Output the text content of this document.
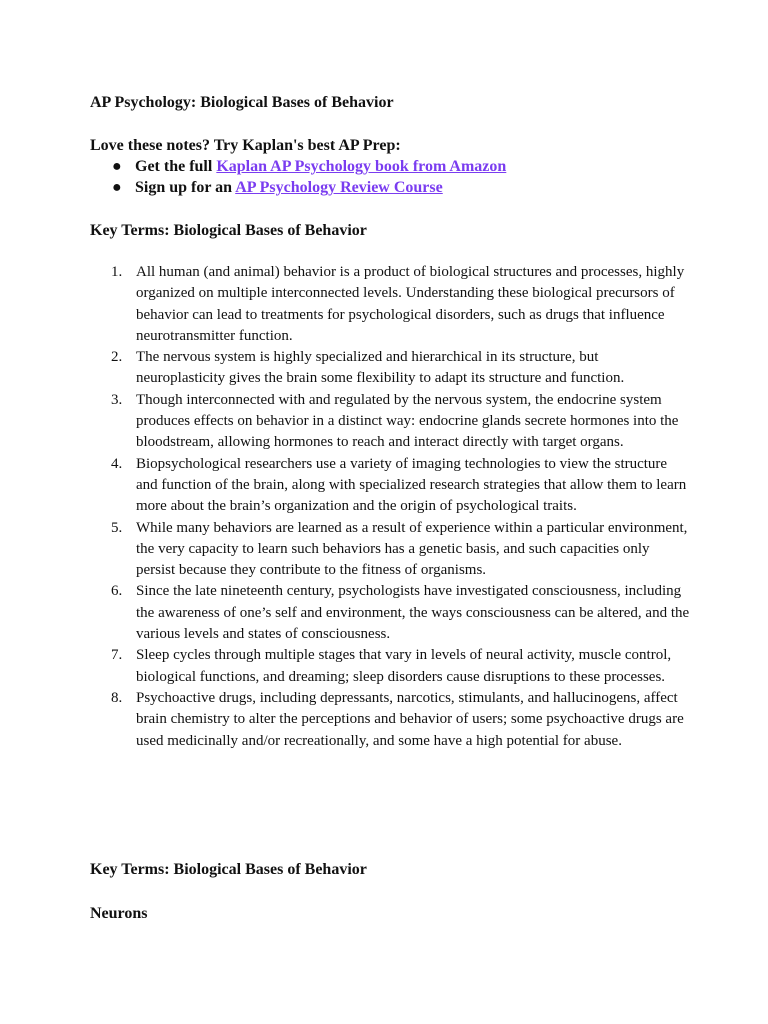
AP Psychology: Biological Bases of Behavior
Love these notes? Try Kaplan's best AP Prep:
● Get the full Kaplan AP Psychology book from Amazon
● Sign up for an AP Psychology Review Course
Key Terms: Biological Bases of Behavior
1. All human (and animal) behavior is a product of biological structures and processes, highly organized on multiple interconnected levels. Understanding these biological precursors of behavior can lead to treatments for psychological disorders, such as drugs that influence neurotransmitter function.
2. The nervous system is highly specialized and hierarchical in its structure, but neuroplasticity gives the brain some flexibility to adapt its structure and function.
3. Though interconnected with and regulated by the nervous system, the endocrine system produces effects on behavior in a distinct way: endocrine glands secrete hormones into the bloodstream, allowing hormones to reach and interact directly with target organs.
4. Biopsychological researchers use a variety of imaging technologies to view the structure and function of the brain, along with specialized research strategies that allow them to learn more about the brain’s organization and the origin of psychological traits.
5. While many behaviors are learned as a result of experience within a particular environment, the very capacity to learn such behaviors has a genetic basis, and such capacities only persist because they contribute to the fitness of organisms.
6. Since the late nineteenth century, psychologists have investigated consciousness, including the awareness of one’s self and environment, the ways consciousness can be altered, and the various levels and states of consciousness.
7. Sleep cycles through multiple stages that vary in levels of neural activity, muscle control, biological functions, and dreaming; sleep disorders cause disruptions to these processes.
8. Psychoactive drugs, including depressants, narcotics, stimulants, and hallucinogens, affect brain chemistry to alter the perceptions and behavior of users; some psychoactive drugs are used medicinally and/or recreationally, and some have a high potential for abuse.
Key Terms: Biological Bases of Behavior
Neurons
